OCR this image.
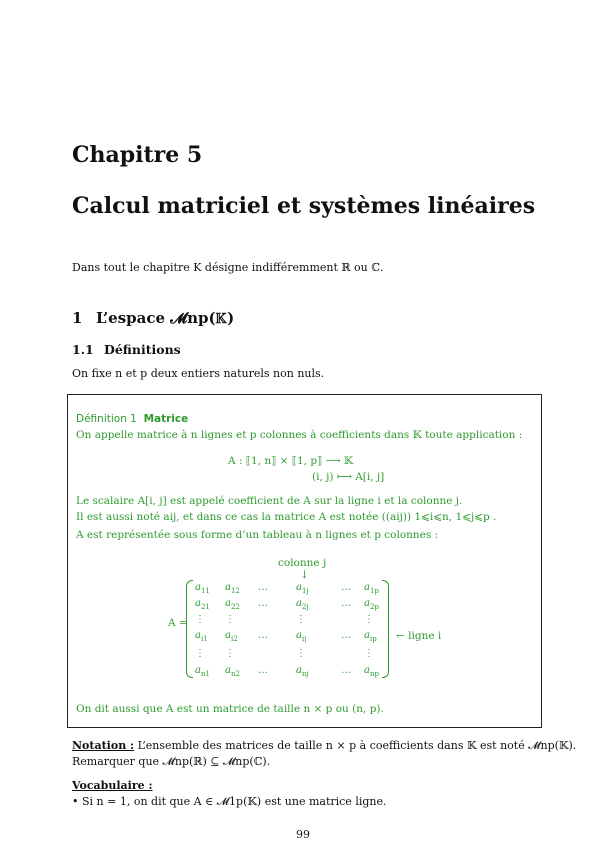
Chapitre 5
Calcul matriciel et systèmes linéaires
Dans tout le chapitre K désigne indifféremment ℝ ou ℂ.
1 L’espace 𝓜np(𝕂)
1.1 Définitions
On fixe n et p deux entiers naturels non nuls.
Définition 1 Matrice
On appelle matrice à n lignes et p colonnes à coefficients dans 𝕂 toute application :
A : ⟦1, n⟧ × ⟦1, p⟧ ⟶ 𝕂
(i, j) ⟼ A[i, j]
Le scalaire A[i, j] est appelé coefficient de A sur la ligne i et la colonne j.
Il est aussi noté aij, et dans ce cas la matrice A est notée ((aij)) 1⩽i⩽n, 1⩽j⩽p .
A est représentée sous forme d’un tableau à n lignes et p colonnes :
colonne j
↓
A =
$a_{11}$ $a_{12}$ …	$a_{1j}$	… $a_{1p}$
$a_{21}$ $a_{22}$ …	$a_{2j}$	… $a_{2p}$
⋮ ⋮	⋮	⋮
$a_{i1}$ $a_{i2}$ …	$a_{ij}$	… $a_{ip}$
⋮ ⋮	⋮	⋮
$a_{n1}$ $a_{n2}$ …	$a_{nj}$	… $a_{np}$
← ligne i
On dit aussi que A est un matrice de taille n × p ou (n, p).
Notation : L’ensemble des matrices de taille n × p à coefficients dans 𝕂 est noté 𝓜np(𝕂).
Remarquer que 𝓜np(ℝ) ⊆ 𝓜np(ℂ).
Vocabulaire :
• Si n = 1, on dit que A ∈ 𝓜1p(𝕂) est une matrice ligne.
99
